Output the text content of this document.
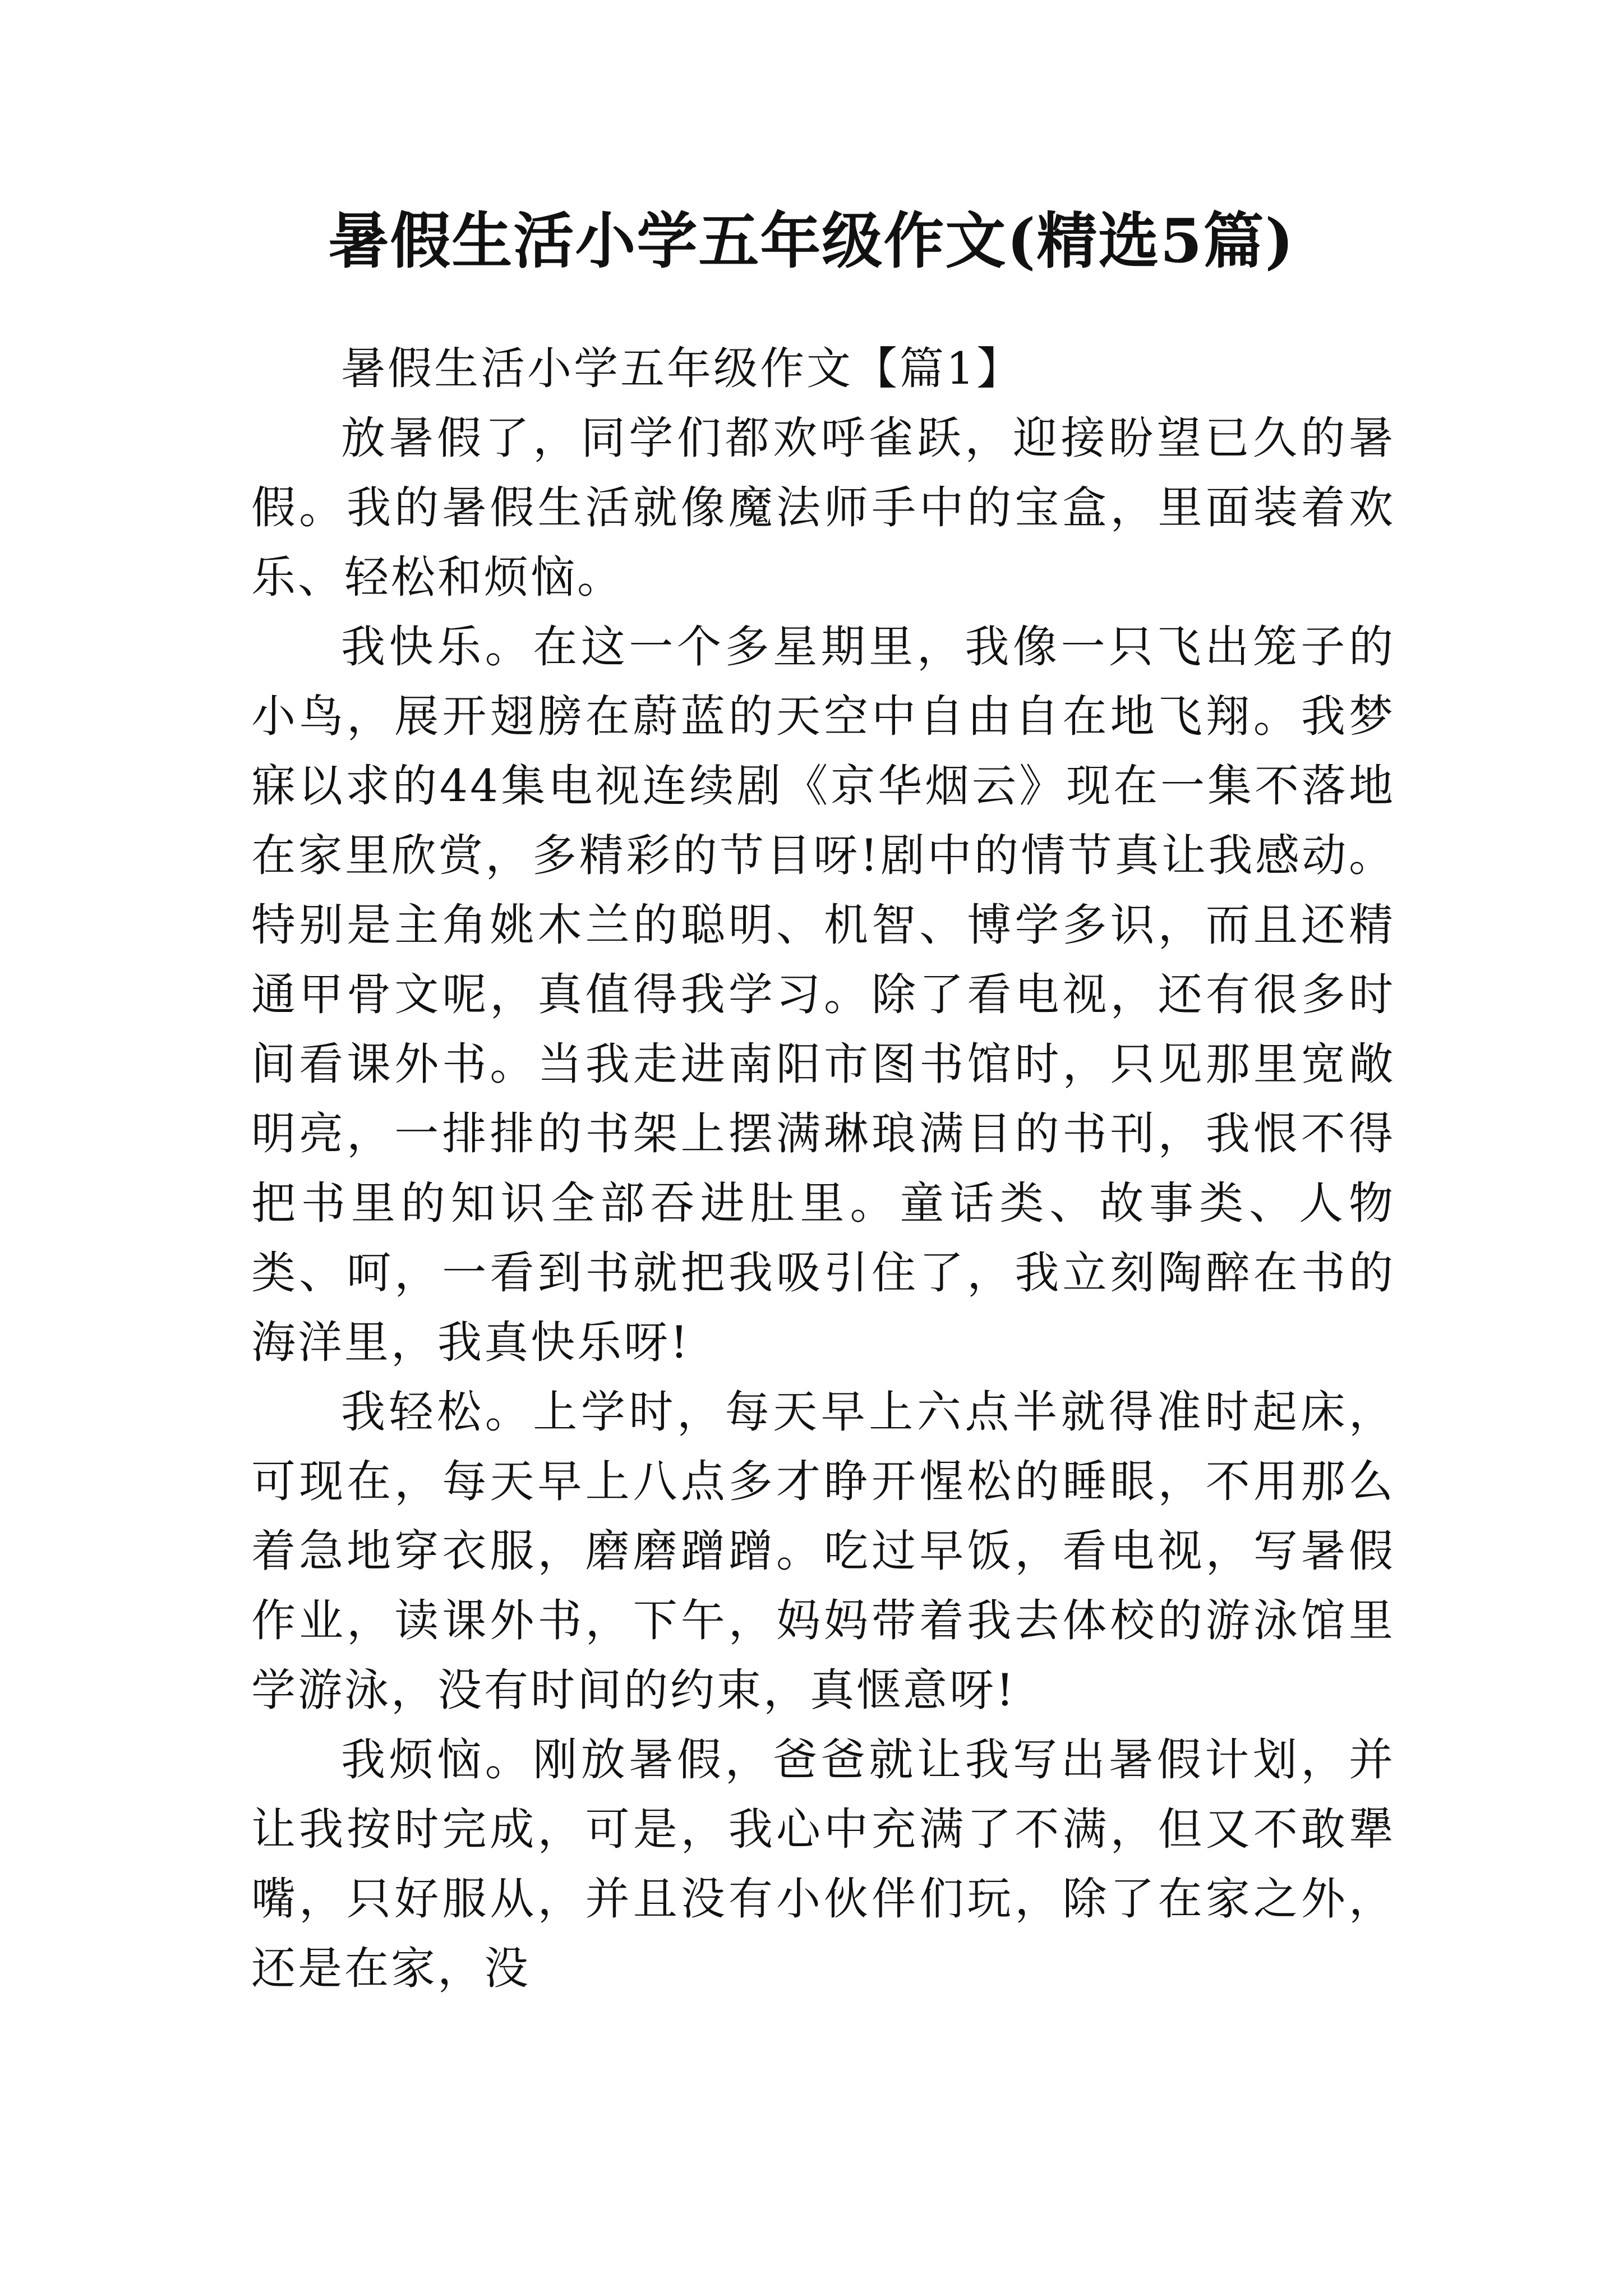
暑假生活小学五年级作文(精选5篇)

暑假生活小学五年级作文【篇1】

放暑假了，同学们都欢呼雀跃，迎接盼望已久的暑假。我的暑假生活就像魔法师手中的宝盒，里面装着欢乐、轻松和烦恼。

我快乐。在这一个多星期里，我像一只飞出笼子的小鸟，展开翅膀在蔚蓝的天空中自由自在地飞翔。我梦寐以求的44集电视连续剧《京华烟云》现在一集不落地在家里欣赏，多精彩的节目呀!剧中的情节真让我感动。特别是主角姚木兰的聪明、机智、博学多识，而且还精通甲骨文呢，真值得我学习。除了看电视，还有很多时间看课外书。当我走进南阳市图书馆时，只见那里宽敞明亮，一排排的书架上摆满琳琅满目的书刊，我恨不得把书里的知识全部吞进肚里。童话类、故事类、人物类、呵，一看到书就把我吸引住了，我立刻陶醉在书的海洋里，我真快乐呀!

我轻松。上学时，每天早上六点半就得准时起床，可现在，每天早上八点多才睁开惺松的睡眼，不用那么着急地穿衣服，磨磨蹭蹭。吃过早饭，看电视，写暑假作业，读课外书，下午，妈妈带着我去体校的游泳馆里学游泳，没有时间的约束，真惬意呀!

我烦恼。刚放暑假，爸爸就让我写出暑假计划，并让我按时完成，可是，我心中充满了不满，但又不敢犟嘴，只好服从，并且没有小伙伴们玩，除了在家之外，还是在家，没
